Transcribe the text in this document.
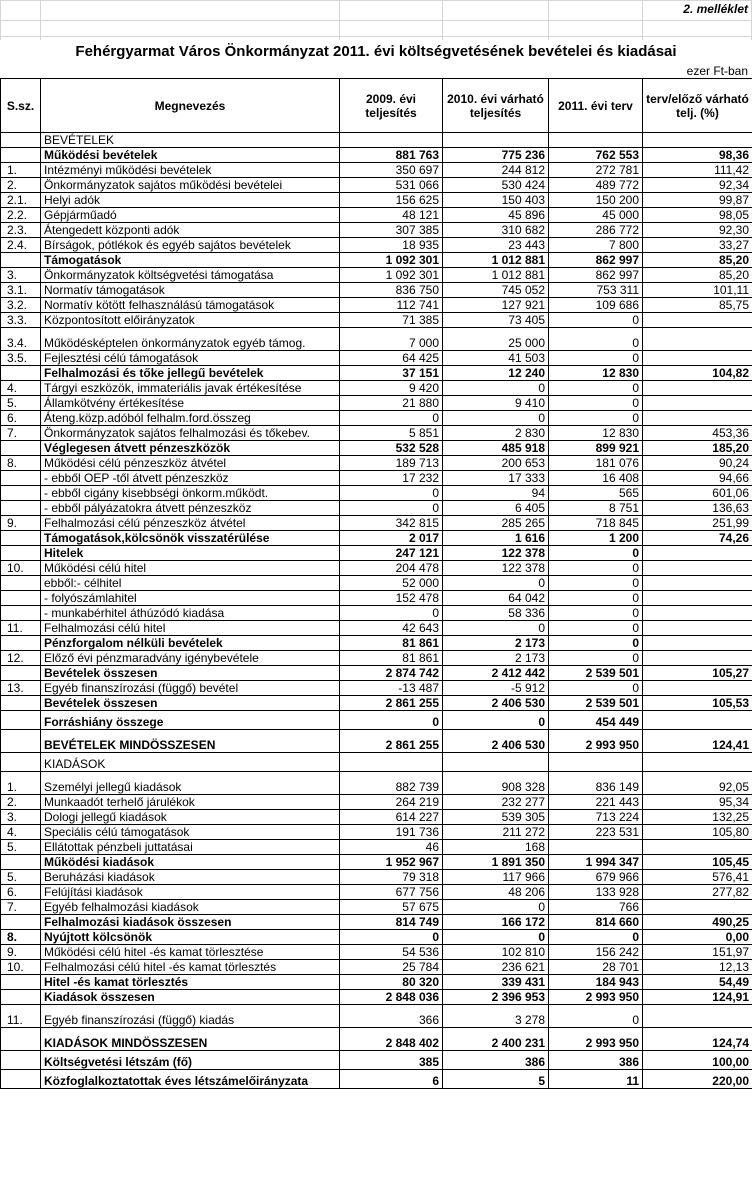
2. melléklet
Fehérgyarmat Város Önkormányzat 2011. évi költségvetésének bevételei és kiadásai
ezer Ft-ban
S.sz.	Megnevezés	2009. évi teljesítés	2010. évi várható teljesítés	2011. évi terv	terv/előző várható telj. (%)
	BEVÉTELEK				
	Működési bevételek	881 763	775 236	762 553	98,36
1.	Intézményi működési bevételek	350 697	244 812	272 781	111,42
2.	Önkormányzatok sajátos működési bevételei	531 066	530 424	489 772	92,34
2.1.	Helyi adók	156 625	150 403	150 200	99,87
2.2.	Gépjárműadó	48 121	45 896	45 000	98,05
2.3.	Átengedett központi adók	307 385	310 682	286 772	92,30
2.4.	Bírságok, pótlékok és egyéb sajátos bevételek	18 935	23 443	7 800	33,27
	Támogatások	1 092 301	1 012 881	862 997	85,20
3.	Önkormányzatok költségvetési támogatása	1 092 301	1 012 881	862 997	85,20
3.1.	Normatív támogatások	836 750	745 052	753 311	101,11
3.2.	Normatív kötött felhasználású támogatások	112 741	127 921	109 686	85,75
3.3.	Központosított előirányzatok	71 385	73 405	0	
3.4.	Működésképtelen önkormányzatok egyéb támog.	7 000	25 000	0	
3.5.	Fejlesztési célú támogatások	64 425	41 503	0	
	Felhalmozási és tőke jellegű bevételek	37 151	12 240	12 830	104,82
4.	Tárgyi eszközök, immateriális javak értékesítése	9 420	0	0	
5.	Államkötvény értékesítése	21 880	9 410	0	
6.	Áteng.közp.adóból felhalm.ford.összeg	0	0	0	
7.	Önkormányzatok sajátos felhalmozási és tőkebev.	5 851	2 830	12 830	453,36
	Véglegesen átvett pénzeszközök	532 528	485 918	899 921	185,20
8.	Működési célú pénzeszköz átvétel	189 713	200 653	181 076	90,24
	- ebből OEP -től átvett pénzeszköz	17 232	17 333	16 408	94,66
	- ebből cigány kisebbségi önkorm.működt.	0	94	565	601,06
	- ebből pályázatokra átvett pénzeszköz	0	6 405	8 751	136,63
9.	Felhalmozási célú pénzeszköz átvétel	342 815	285 265	718 845	251,99
	Támogatások,kölcsönök visszatérülése	2 017	1 616	1 200	74,26
	Hitelek	247 121	122 378	0	
10.	Működési célú hitel	204 478	122 378	0	
	ebből:- célhitel	52 000	0	0	
	- folyószámlahitel	152 478	64 042	0	
	- munkabérhitel áthúzódó kiadása	0	58 336	0	
11.	Felhalmozási célú hitel	42 643	0	0	
	Pénzforgalom nélküli bevételek	81 861	2 173	0	
12.	Előző évi pénzmaradvány igénybevétele	81 861	2 173	0	
	Bevételek összesen	2 874 742	2 412 442	2 539 501	105,27
13.	Egyéb finanszírozási (függő) bevétel	-13 487	-5 912	0	
	Bevételek összesen	2 861 255	2 406 530	2 539 501	105,53
	Forráshiány összege	0	0	454 449	
	BEVÉTELEK MINDÖSSZESEN	2 861 255	2 406 530	2 993 950	124,41
	KIADÁSOK				
1.	Személyi jellegű kiadások	882 739	908 328	836 149	92,05
2.	Munkaadót terhelő járulékok	264 219	232 277	221 443	95,34
3.	Dologi jellegű kiadások	614 227	539 305	713 224	132,25
4.	Speciális célú támogatások	191 736	211 272	223 531	105,80
5.	Ellátottak pénzbeli juttatásai	46	168		
	Működési kiadások	1 952 967	1 891 350	1 994 347	105,45
5.	Beruházási kiadások	79 318	117 966	679 966	576,41
6.	Felújítási kiadások	677 756	48 206	133 928	277,82
7.	Egyéb felhalmozási kiadások	57 675	0	766	
	Felhalmozási kiadások összesen	814 749	166 172	814 660	490,25
8.	Nyújtott kölcsönök	0	0	0	0,00
9.	Működési célú hitel -és kamat törlesztése	54 536	102 810	156 242	151,97
10.	Felhalmozási célú hitel -és kamat törlesztés	25 784	236 621	28 701	12,13
	Hitel -és kamat törlesztés	80 320	339 431	184 943	54,49
	Kiadások összesen	2 848 036	2 396 953	2 993 950	124,91
11.	Egyéb finanszírozási (függő) kiadás	366	3 278	0	
	KIADÁSOK MINDÖSSZESEN	2 848 402	2 400 231	2 993 950	124,74
	Költségvetési létszám (fő)	385	386	386	100,00
	Közfoglalkoztatottak éves létszámelőirányzata	6	5	11	220,00
